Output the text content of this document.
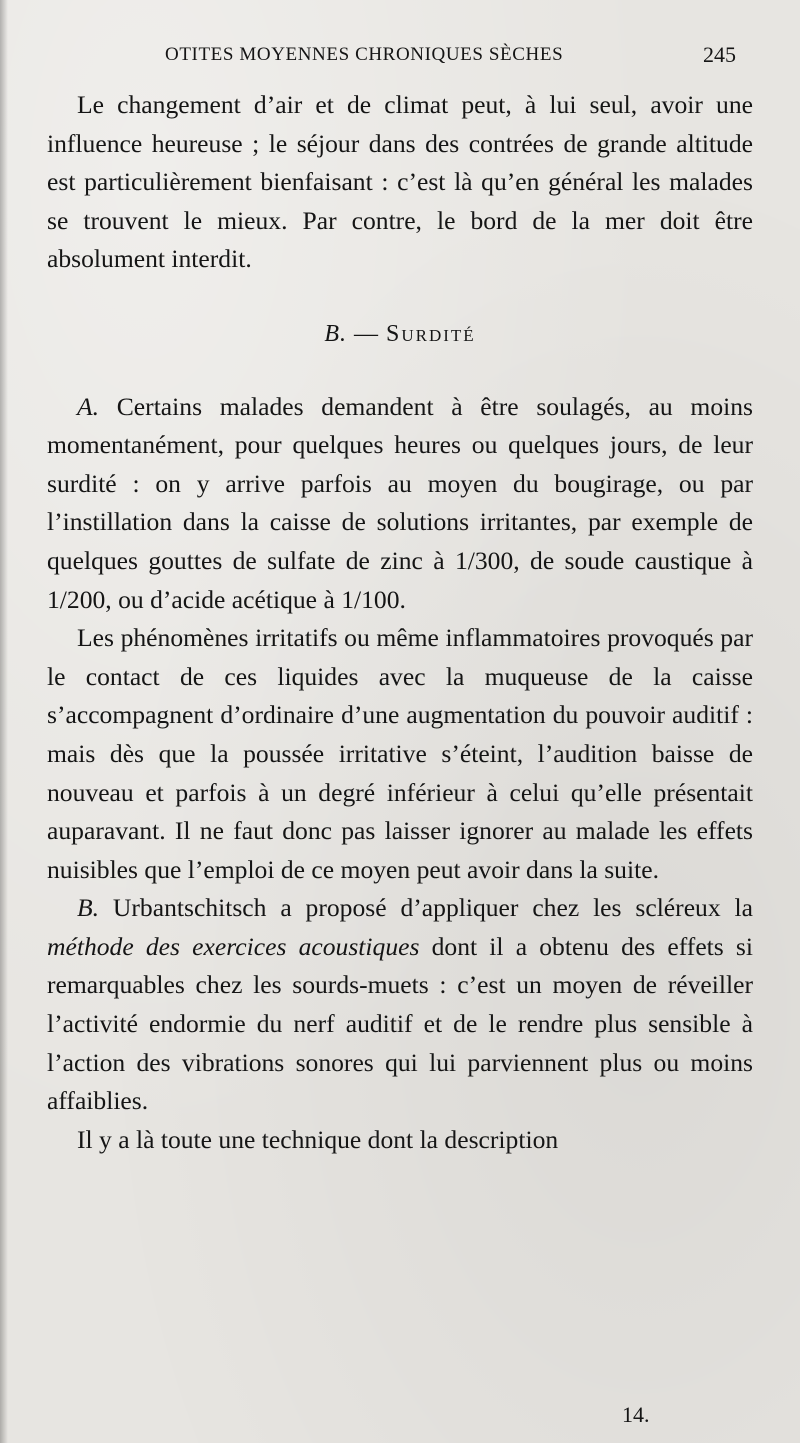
OTITES MOYENNES CHRONIQUES SÈCHES	245

Le changement d’air et de climat peut, à lui seul, avoir une influence heureuse ; le séjour dans des contrées de grande altitude est particulièrement bienfaisant : c’est là qu’en général les malades se trouvent le mieux. Par contre, le bord de la mer doit être absolument interdit.

B. — Surdité

A. Certains malades demandent à être soulagés, au moins momentanément, pour quelques heures ou quelques jours, de leur surdité : on y arrive parfois au moyen du bougirage, ou par l’instillation dans la caisse de solutions irritantes, par exemple de quelques gouttes de sulfate de zinc à 1/300, de soude caustique à 1/200, ou d’acide acétique à 1/100.

Les phénomènes irritatifs ou même inflammatoires provoqués par le contact de ces liquides avec la muqueuse de la caisse s’accompagnent d’ordinaire d’une augmentation du pouvoir auditif : mais dès que la poussée irritative s’éteint, l’audition baisse de nouveau et parfois à un degré inférieur à celui qu’elle présentait auparavant. Il ne faut donc pas laisser ignorer au malade les effets nuisibles que l’emploi de ce moyen peut avoir dans la suite.

B. Urbantschitsch a proposé d’appliquer chez les scléreux la méthode des exercices acoustiques dont il a obtenu des effets si remarquables chez les sourds-muets : c’est un moyen de réveiller l’activité endormie du nerf auditif et de le rendre plus sensible à l’action des vibrations sonores qui lui parviennent plus ou moins affaiblies.

Il y a là toute une technique dont la description

14.
